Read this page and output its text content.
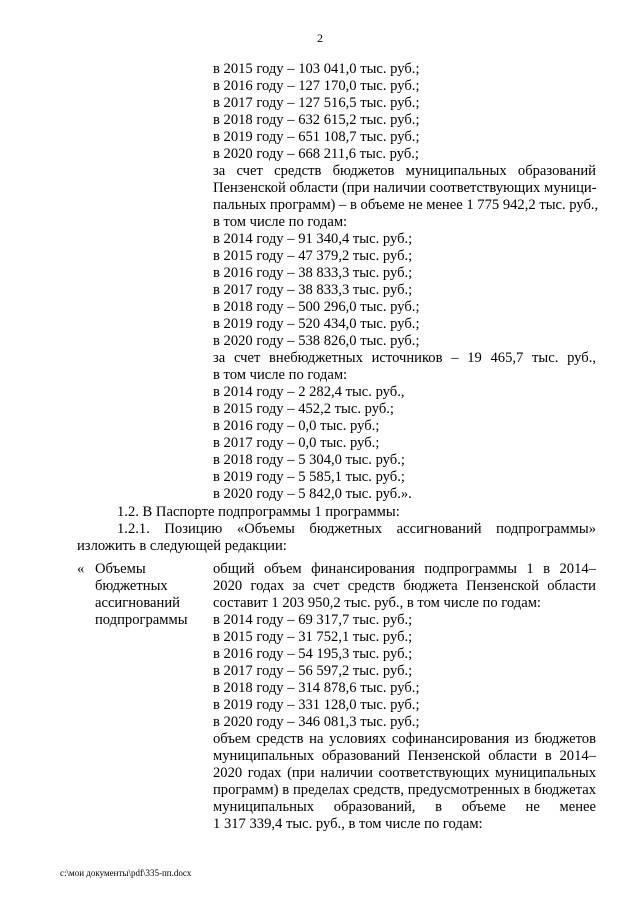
2
в 2015 году – 103 041,0 тыс. руб.;
в 2016 году – 127 170,0 тыс. руб.;
в 2017 году – 127 516,5 тыс. руб.;
в 2018 году – 632 615,2 тыс. руб.;
в 2019 году – 651 108,7 тыс. руб.;
в 2020 году – 668 211,6 тыс. руб.;
за счет средств бюджетов муниципальных образований
Пензенской области (при наличии соответствующих муници-
пальных программ) – в объеме не менее 1 775 942,2 тыс. руб.,
в том числе по годам:
в 2014 году – 91 340,4 тыс. руб.;
в 2015 году – 47 379,2 тыс. руб.;
в 2016 году – 38 833,3 тыс. руб.;
в 2017 году – 38 833,3 тыс. руб.;
в 2018 году – 500 296,0 тыс. руб.;
в 2019 году – 520 434,0 тыс. руб.;
в 2020 году – 538 826,0 тыс. руб.;
за счет внебюджетных источников – 19 465,7 тыс. руб.,
в том числе по годам:
в 2014 году – 2 282,4 тыс. руб.,
в 2015 году – 452,2 тыс. руб.;
в 2016 году – 0,0 тыс. руб.;
в 2017 году – 0,0 тыс. руб.;
в 2018 году – 5 304,0 тыс. руб.;
в 2019 году – 5 585,1 тыс. руб.;
в 2020 году – 5 842,0 тыс. руб.».
1.2. В Паспорте подпрограммы 1 программы:
1.2.1. Позицию «Объемы бюджетных ассигнований подпрограммы»
изложить в следующей редакции:
« Объемы
бюджетных
ассигнований
подпрограммы
общий объем финансирования подпрограммы 1 в 2014–
2020 годах за счет средств бюджета Пензенской области
составит 1 203 950,2 тыс. руб., в том числе по годам:
в 2014 году – 69 317,7 тыс. руб.;
в 2015 году – 31 752,1 тыс. руб.;
в 2016 году – 54 195,3 тыс. руб.;
в 2017 году – 56 597,2 тыс. руб.;
в 2018 году – 314 878,6 тыс. руб.;
в 2019 году – 331 128,0 тыс. руб.;
в 2020 году – 346 081,3 тыс. руб.;
объем средств на условиях софинансирования из бюджетов
муниципальных образований Пензенской области в 2014–
2020 годах (при наличии соответствующих муниципальных
программ) в пределах средств, предусмотренных в бюджетах
муниципальных образований, в объеме не менее
1 317 339,4 тыс. руб., в том числе по годам:
c:\мои документы\pdf\335-пп.docx
